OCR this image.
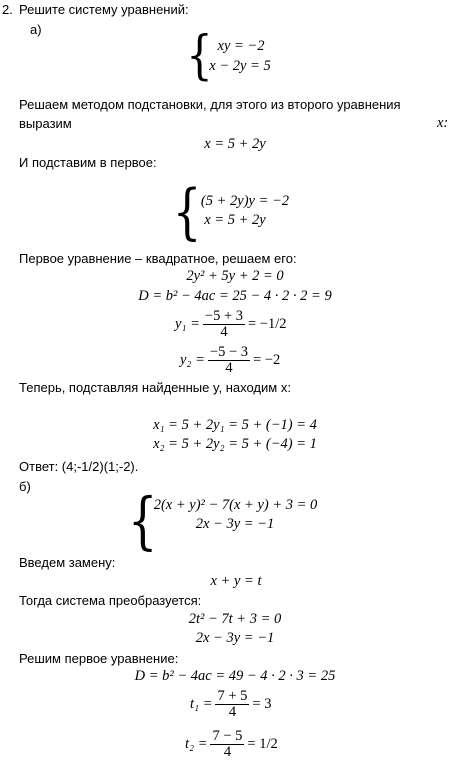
2. Решите систему уравнений:
а)	{ xy = −2
x − 2y = 5
Решаем методом подстановки, для этого из второго уравнения
выразим	x:
x = 5 + 2y
И подставим в первое:
{ (5 + 2y)y = −2
x = 5 + 2y
Первое уравнение – квадратное, решаем его:
2y² + 5y + 2 = 0
D = b² − 4ac = 25 − 4 · 2 · 2 = 9
$y_1 = \frac{-5 + 3}{4} = -1/2$
$y_2 = \frac{-5 - 3}{4} = -2$
Теперь, подставляя найденные y, находим x:
x₁ = 5 + 2y₁ = 5 + (−1) = 4
x₂ = 5 + 2y₂ = 5 + (−4) = 1
Ответ: (4;-1/2)(1;-2).
б) {
2(x + y)² − 7(x + y) + 3 = 0
2x − 3y = −1
Введем замену:
x + y = t
Тогда система преобразуется:
2t² − 7t + 3 = 0
2x − 3y = −1
Решим первое уравнение:
D = b² − 4ac = 49 − 4 · 2 · 3 = 25
$t_1 = \frac{7 + 5}{4} = 3$
$t_2 = \frac{7 - 5}{4} = 1/2$
